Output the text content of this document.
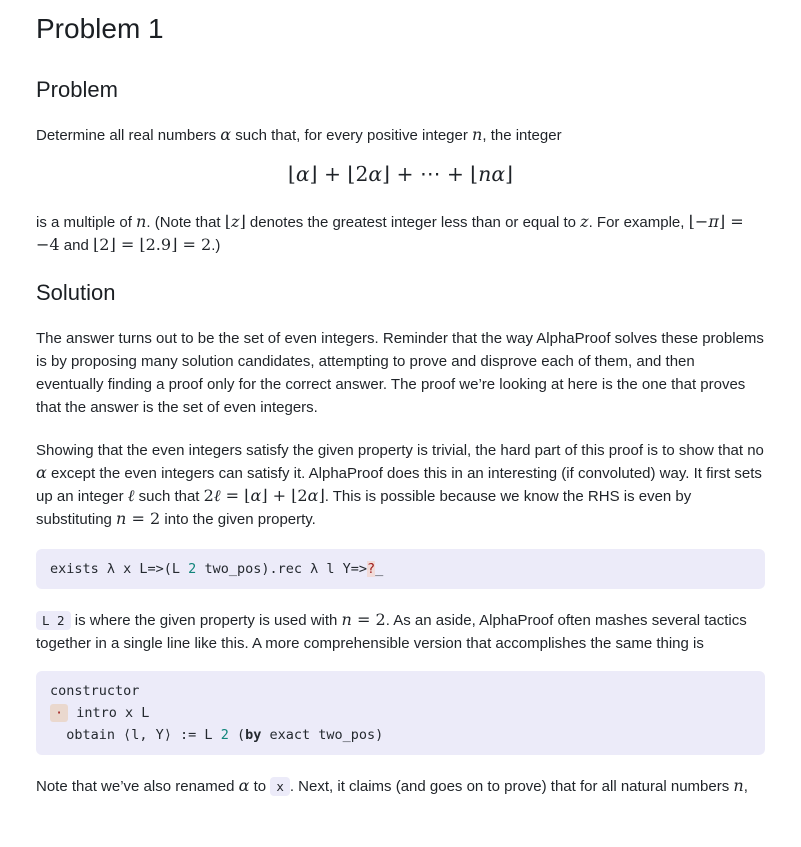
Problem 1
Problem

Determine all real numbers α such that, for every positive integer n, the integer

⌊α⌋ + ⌊2α⌋ + ⋯ + ⌊nα⌋

is a multiple of n. (Note that ⌊z⌋ denotes the greatest integer less than or equal to z. For example, ⌊−π⌋ = −4 and ⌊2⌋ = ⌊2.9⌋ = 2.)

Solution

The answer turns out to be the set of even integers. Reminder that the way AlphaProof solves these problems is by proposing many solution candidates, attempting to prove and disprove each of them, and then eventually finding a proof only for the correct answer. The proof we’re looking at here is the one that proves that the answer is the set of even integers.

Showing that the even integers satisfy the given property is trivial, the hard part of this proof is to show that no α except the even integers can satisfy it. AlphaProof does this in an interesting (if convoluted) way. It first sets up an integer ℓ such that 2ℓ = ⌊α⌋ + ⌊2α⌋. This is possible because we know the RHS is even by substituting n = 2 into the given property.

exists λ x L=>(L 2 two_pos).rec λ l Y=>?_

L 2 is where the given property is used with n = 2. As an aside, AlphaProof often mashes several tactics together in a single line like this. A more comprehensible version that accomplishes the same thing is

constructor
· intro x L
obtain ⟨l, Y⟩ := L 2 (by exact two_pos)

Note that we’ve also renamed α to x . Next, it claims (and goes on to prove) that for all natural numbers n,
